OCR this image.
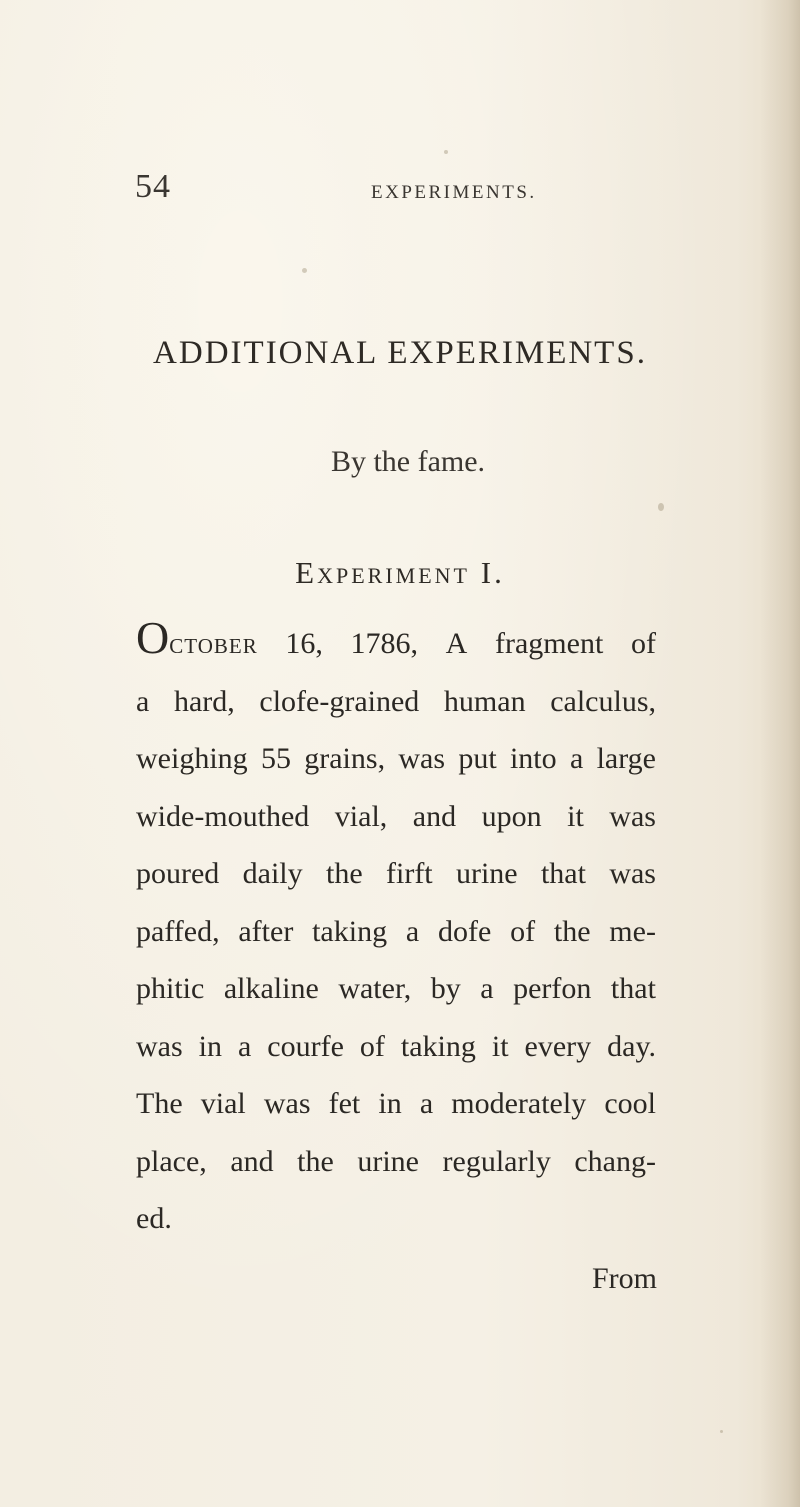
54	EXPERIMENTS.
ADDITIONAL EXPERIMENTS.
By the fame.
Experiment I.
October 16, 1786, A fragment of
a hard, clofe-grained human calculus,
weighing 55 grains, was put into a large
wide-mouthed vial, and upon it was
poured daily the firft urine that was
paffed, after taking a dofe of the me-
phitic alkaline water, by a perfon that
was in a courfe of taking it every day.
The vial was fet in a moderately cool
place, and the urine regularly chang-
ed.
From
